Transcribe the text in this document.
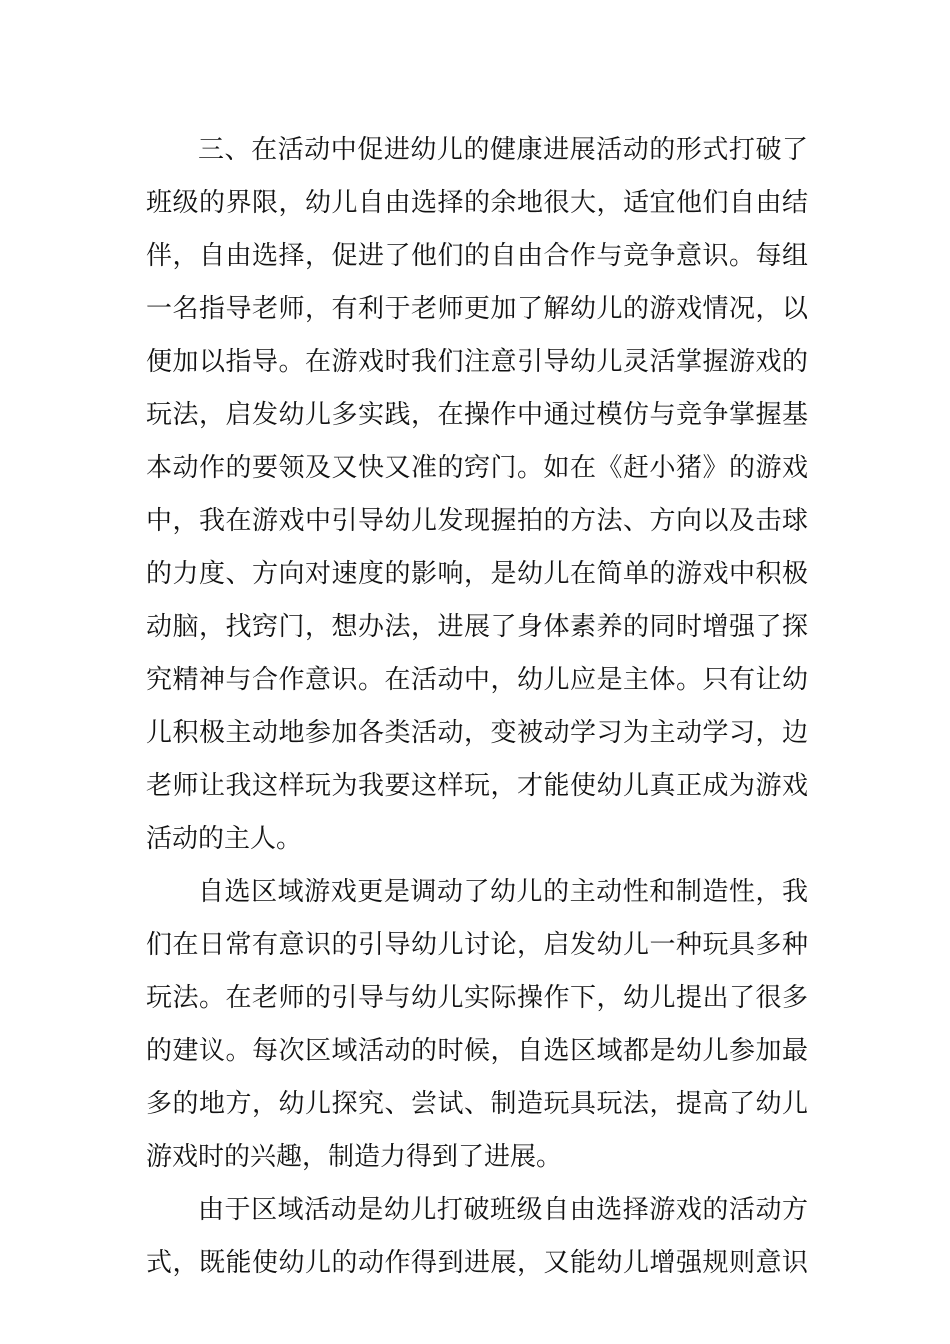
三、在活动中促进幼儿的健康进展活动的形式打破了
班级的界限，幼儿自由选择的余地很大，适宜他们自由结
伴，自由选择，促进了他们的自由合作与竞争意识。每组
一名指导老师，有利于老师更加了解幼儿的游戏情况，以
便加以指导。在游戏时我们注意引导幼儿灵活掌握游戏的
玩法，启发幼儿多实践，在操作中通过模仿与竞争掌握基
本动作的要领及又快又准的窍门。如在《赶小猪》的游戏
中，我在游戏中引导幼儿发现握拍的方法、方向以及击球
的力度、方向对速度的影响，是幼儿在简单的游戏中积极
动脑，找窍门，想办法，进展了身体素养的同时增强了探
究精神与合作意识。在活动中，幼儿应是主体。只有让幼
儿积极主动地参加各类活动，变被动学习为主动学习，边
老师让我这样玩为我要这样玩，才能使幼儿真正成为游戏
活动的主人。
自选区域游戏更是调动了幼儿的主动性和制造性，我
们在日常有意识的引导幼儿讨论，启发幼儿一种玩具多种
玩法。在老师的引导与幼儿实际操作下，幼儿提出了很多
的建议。每次区域活动的时候，自选区域都是幼儿参加最
多的地方，幼儿探究、尝试、制造玩具玩法，提高了幼儿
游戏时的兴趣，制造力得到了进展。
由于区域活动是幼儿打破班级自由选择游戏的活动方
式，既能使幼儿的动作得到进展，又能幼儿增强规则意识
